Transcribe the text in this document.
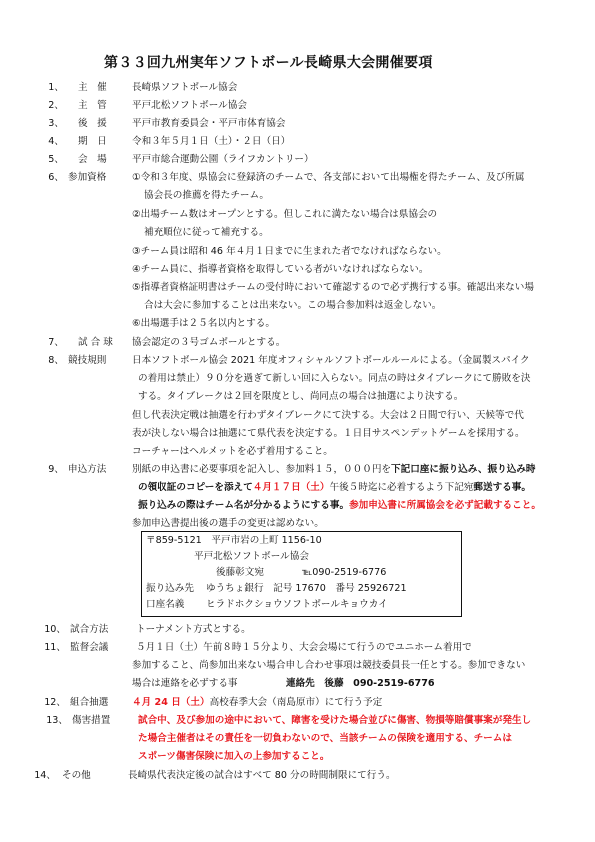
第３３回九州実年ソフトボール長崎県大会開催要項
1、 主　催	長崎県ソフトボール協会
2、 主　管	平戸北松ソフトボール協会
3、 後　援	平戸市教育委員会・平戸市体育協会
4、 期　日	令和３年５月１日（土）・２日（日）
5、 会　場	平戸市総合運動公園（ライフカントリー）
6、 参加資格	①令和３年度、県協会に登録済のチームで、各支部において出場権を得たチーム、及び所属
協会長の推薦を得たチーム。
②出場チーム数はオープンとする。但しこれに満たない場合は県協会の
補充順位に従って補充する。
③チーム員は昭和 46 年４月１日までに生まれた者でなければならない。
④チーム員に、指導者資格を取得している者がいなければならない。
⑤指導者資格証明書はチームの受付時において確認するので必ず携行する事。確認出来ない場
合は大会に参加することは出来ない。この場合参加料は返金しない。
⑥出場選手は２５名以内とする。
7、 試 合 球 協会認定の３号ゴムボールとする。
8、 競技規則	日本ソフトボール協会 2021 年度オフィシャルソフトボールルールによる。（金属製スパイク
の着用は禁止）９０分を過ぎて新しい回に入らない。同点の時はタイブレークにて勝敗を決
する。タイブレークは２回を限度とし、尚同点の場合は抽選により決する。
但し代表決定戦は抽選を行わずタイブレークにて決する。大会は２日間で行い、天候等で代
表が決しない場合は抽選にて県代表を決定する。１日目サスペンデットゲームを採用する。
コーチャーはヘルメットを必ず着用すること。
9、 申込方法	別紙の申込書に必要事項を記入し、参加料１５，０００円を下記口座に振り込み、振り込み時
の領収証のコピーを添えて４月１７日（土）午後５時迄に必着するよう下記宛郵送する事。
振り込みの際はチーム名が分かるようにする事。参加申込書に所属協会を必ず記載すること。
参加申込書提出後の選手の変更は認めない。
〒859-5121　平戸市岩の上町 1156-10
平戸北松ソフトボール協会
後藤彰文宛	℡090-2519-6776
振り込み先 ゆうちょ銀行　記号 17670　番号 25926721
口座名義 ヒラドホクショウソフトボールキョウカイ
10、 試合方法	トーナメント方式とする。
11、 監督会議	５月１日（土）午前８時１５分より、大会会場にて行うのでユニホーム着用で
参加すること、尚参加出来ない場合申し合わせ事項は競技委員長一任とする。参加できない
場合は連絡を必ずする事	連絡先　後藤　090-2519-6776
12、 組合抽選 ４月 24 日（土）高校春季大会（南島原市）にて行う予定
13、 傷害措置	試合中、及び参加の途中において、障害を受けた場合並びに傷害、物損等賠償事案が発生し
た場合主催者はその責任を一切負わないので、当該チームの保険を適用する、チームは
スポーツ傷害保険に加入の上参加すること。
14、 その他	長崎県代表決定後の試合はすべて 80 分の時間制限にて行う。
